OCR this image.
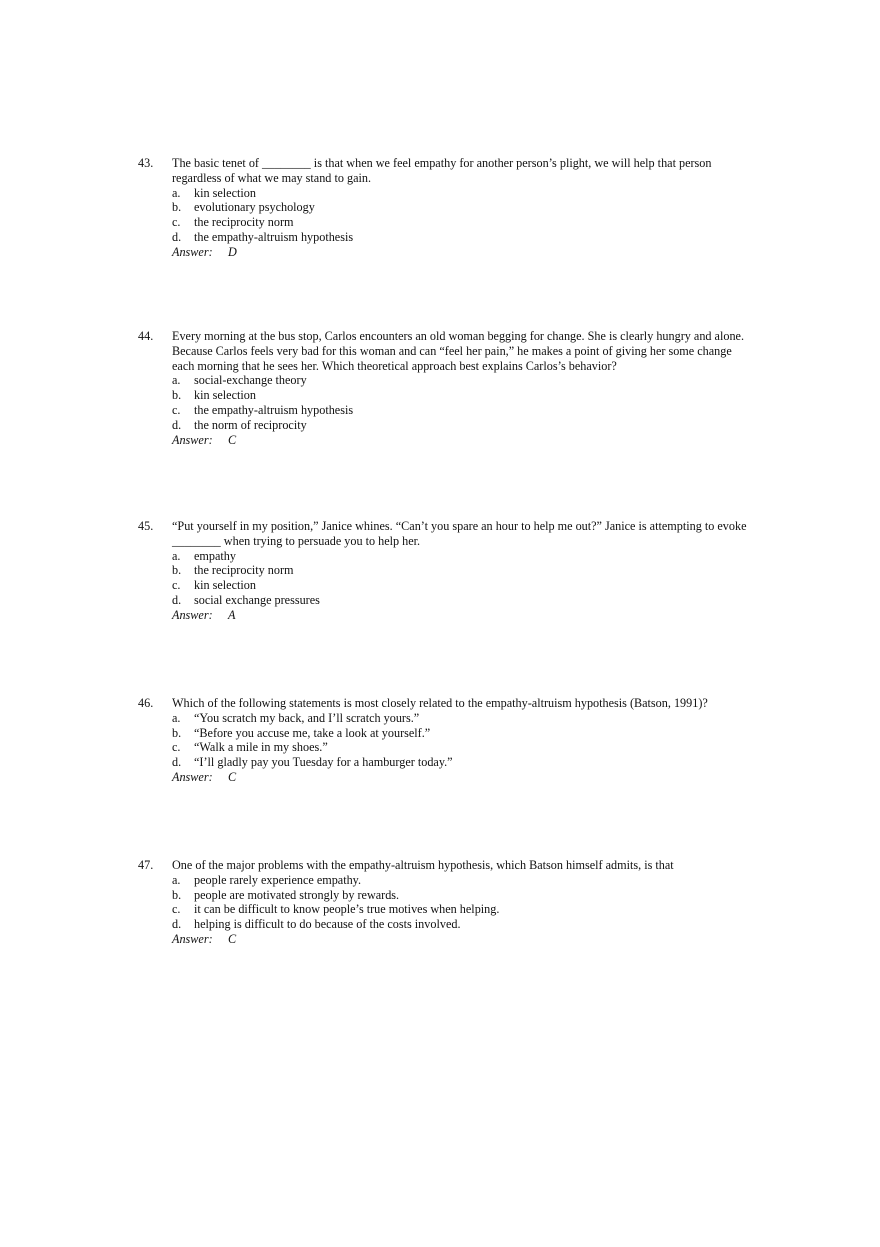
43.	The basic tenet of ________ is that when we feel empathy for another person’s plight, we will help that person regardless of what we may stand to gain.

a. kin selection
b. evolutionary psychology
c. the reciprocity norm
d. the empathy-altruism hypothesis
Answer: D
44.	Every morning at the bus stop, Carlos encounters an old woman begging for change. She is clearly hungry and alone. Because Carlos feels very bad for this woman and can “feel her pain,” he makes a point of giving her some change each morning that he sees her. Which theoretical approach best explains Carlos’s behavior?

a. social-exchange theory
b. kin selection
c. the empathy-altruism hypothesis
d. the norm of reciprocity
Answer: C
45.	“Put yourself in my position,” Janice whines. “Can’t you spare an hour to help me out?” Janice is attempting to evoke ________ when trying to persuade you to help her.

a. empathy
b. the reciprocity norm
c. kin selection
d. social exchange pressures
Answer: A
46.	Which of the following statements is most closely related to the empathy-altruism hypothesis (Batson, 1991)?

a. “You scratch my back, and I’ll scratch yours.”
b. “Before you accuse me, take a look at yourself.”
c. “Walk a mile in my shoes.”
d. “I’ll gladly pay you Tuesday for a hamburger today.”
Answer: C
47.	One of the major problems with the empathy-altruism hypothesis, which Batson himself admits, is that

a. people rarely experience empathy.
b. people are motivated strongly by rewards.
c. it can be difficult to know people’s true motives when helping.
d. helping is difficult to do because of the costs involved.
Answer: C
